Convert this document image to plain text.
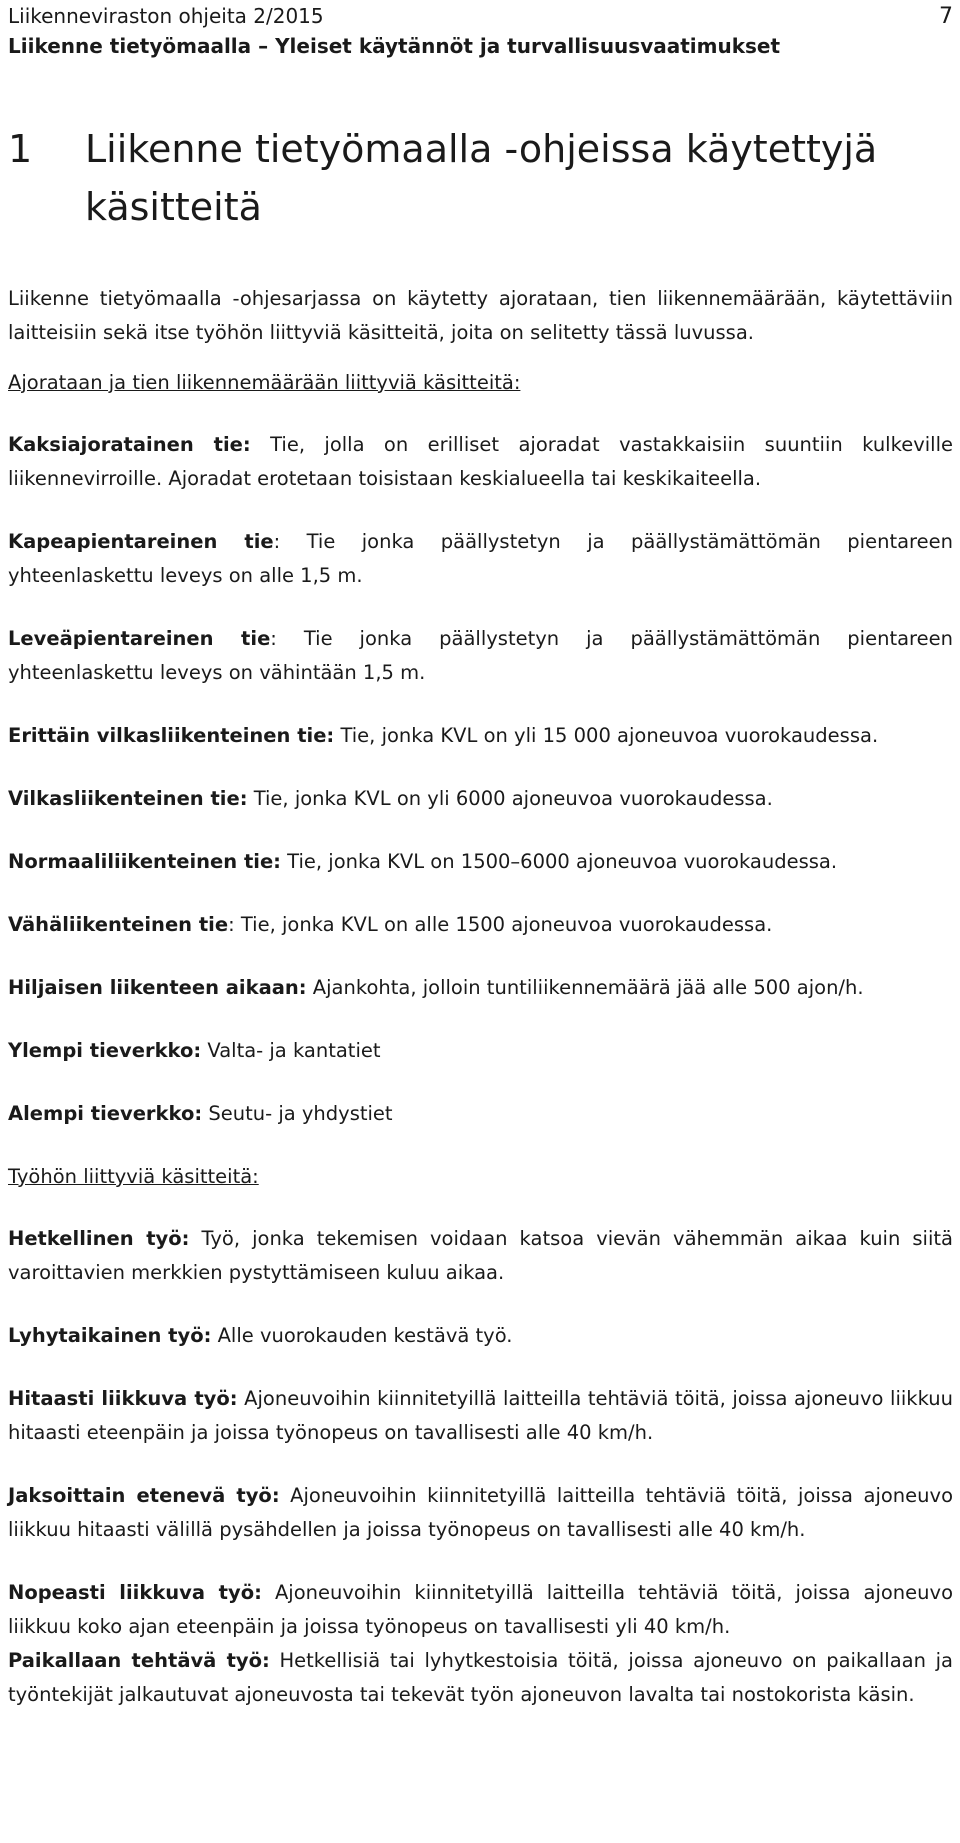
Liikenneviraston ohjeita 2/2015	7
Liikenne tietyömaalla – Yleiset käytännöt ja turvallisuusvaatimukset
1	Liikenne tietyömaalla -ohjeissa käytettyjä käsitteitä

Liikenne tietyömaalla -ohjesarjassa on käytetty ajorataan, tien liikennemäärään, käytettäviin laitteisiin sekä itse työhön liittyviä käsitteitä, joita on selitetty tässä luvussa.

Ajorataan ja tien liikennemäärään liittyviä käsitteitä:

Kaksiajoratainen tie: Tie, jolla on erilliset ajoradat vastakkaisiin suuntiin kulkeville liikennevirroille. Ajoradat erotetaan toisistaan keskialueella tai keskikaiteella.

Kapeapientareinen tie: Tie jonka päällystetyn ja päällystämättömän pientareen yhteenlaskettu leveys on alle 1,5 m.

Leveäpientareinen tie: Tie jonka päällystetyn ja päällystämättömän pientareen yhteenlaskettu leveys on vähintään 1,5 m.

Erittäin vilkasliikenteinen tie: Tie, jonka KVL on yli 15 000 ajoneuvoa vuorokaudessa.

Vilkasliikenteinen tie: Tie, jonka KVL on yli 6000 ajoneuvoa vuorokaudessa.

Normaaliliikenteinen tie: Tie, jonka KVL on 1500–6000 ajoneuvoa vuorokaudessa.

Vähäliikenteinen tie: Tie, jonka KVL on alle 1500 ajoneuvoa vuorokaudessa.

Hiljaisen liikenteen aikaan: Ajankohta, jolloin tuntiliikennemäärä jää alle 500 ajon/h.

Ylempi tieverkko: Valta- ja kantatiet

Alempi tieverkko: Seutu- ja yhdystiet

Työhön liittyviä käsitteitä:

Hetkellinen työ: Työ, jonka tekemisen voidaan katsoa vievän vähemmän aikaa kuin siitä varoittavien merkkien pystyttämiseen kuluu aikaa.

Lyhytaikainen työ: Alle vuorokauden kestävä työ.

Hitaasti liikkuva työ: Ajoneuvoihin kiinnitetyillä laitteilla tehtäviä töitä, joissa ajoneuvo liikkuu hitaasti eteenpäin ja joissa työnopeus on tavallisesti alle 40 km/h.

Jaksoittain etenevä työ: Ajoneuvoihin kiinnitetyillä laitteilla tehtäviä töitä, joissa ajoneuvo liikkuu hitaasti välillä pysähdellen ja joissa työnopeus on tavallisesti alle 40 km/h.

Nopeasti liikkuva työ: Ajoneuvoihin kiinnitetyillä laitteilla tehtäviä töitä, joissa ajoneuvo liikkuu koko ajan eteenpäin ja joissa työnopeus on tavallisesti yli 40 km/h.

Paikallaan tehtävä työ: Hetkellisiä tai lyhytkestoisia töitä, joissa ajoneuvo on paikallaan ja työntekijät jalkautuvat ajoneuvosta tai tekevät työn ajoneuvon lavalta tai nostokorista käsin.
